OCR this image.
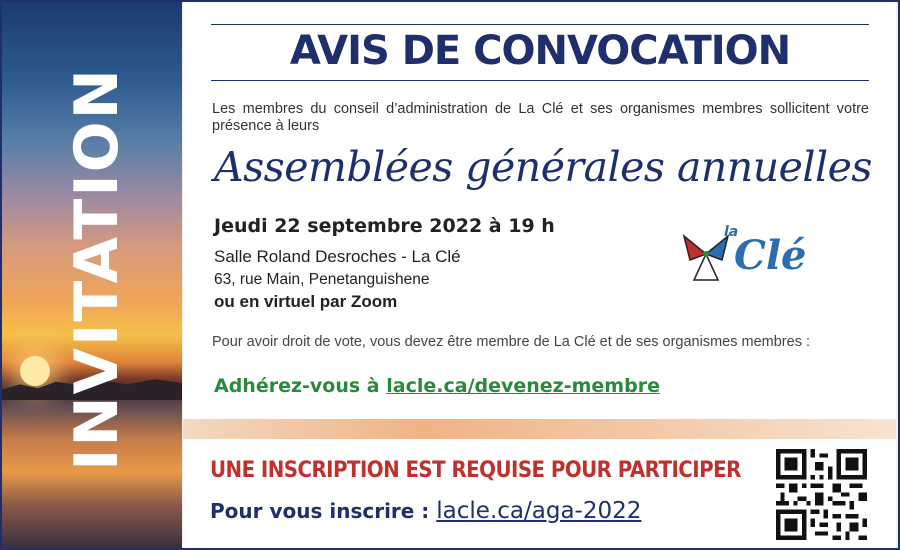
INVITATION
AVIS DE CONVOCATION
Les membres du conseil d’administration de La Clé et ses organismes membres sollicitent votre présence à leurs
Assemblées générales annuelles
Jeudi 22 septembre 2022 à 19 h
Salle Roland Desroches - La Clé
63, rue Main, Penetanguishene
ou en virtuel par Zoom
la
Clé
Pour avoir droit de vote, vous devez être membre de La Clé et de ses organismes membres :
Adhérez-vous à lacle.ca/devenez-membre
UNE INSCRIPTION EST REQUISE POUR PARTICIPER
Pour vous inscrire : lacle.ca/aga-2022
